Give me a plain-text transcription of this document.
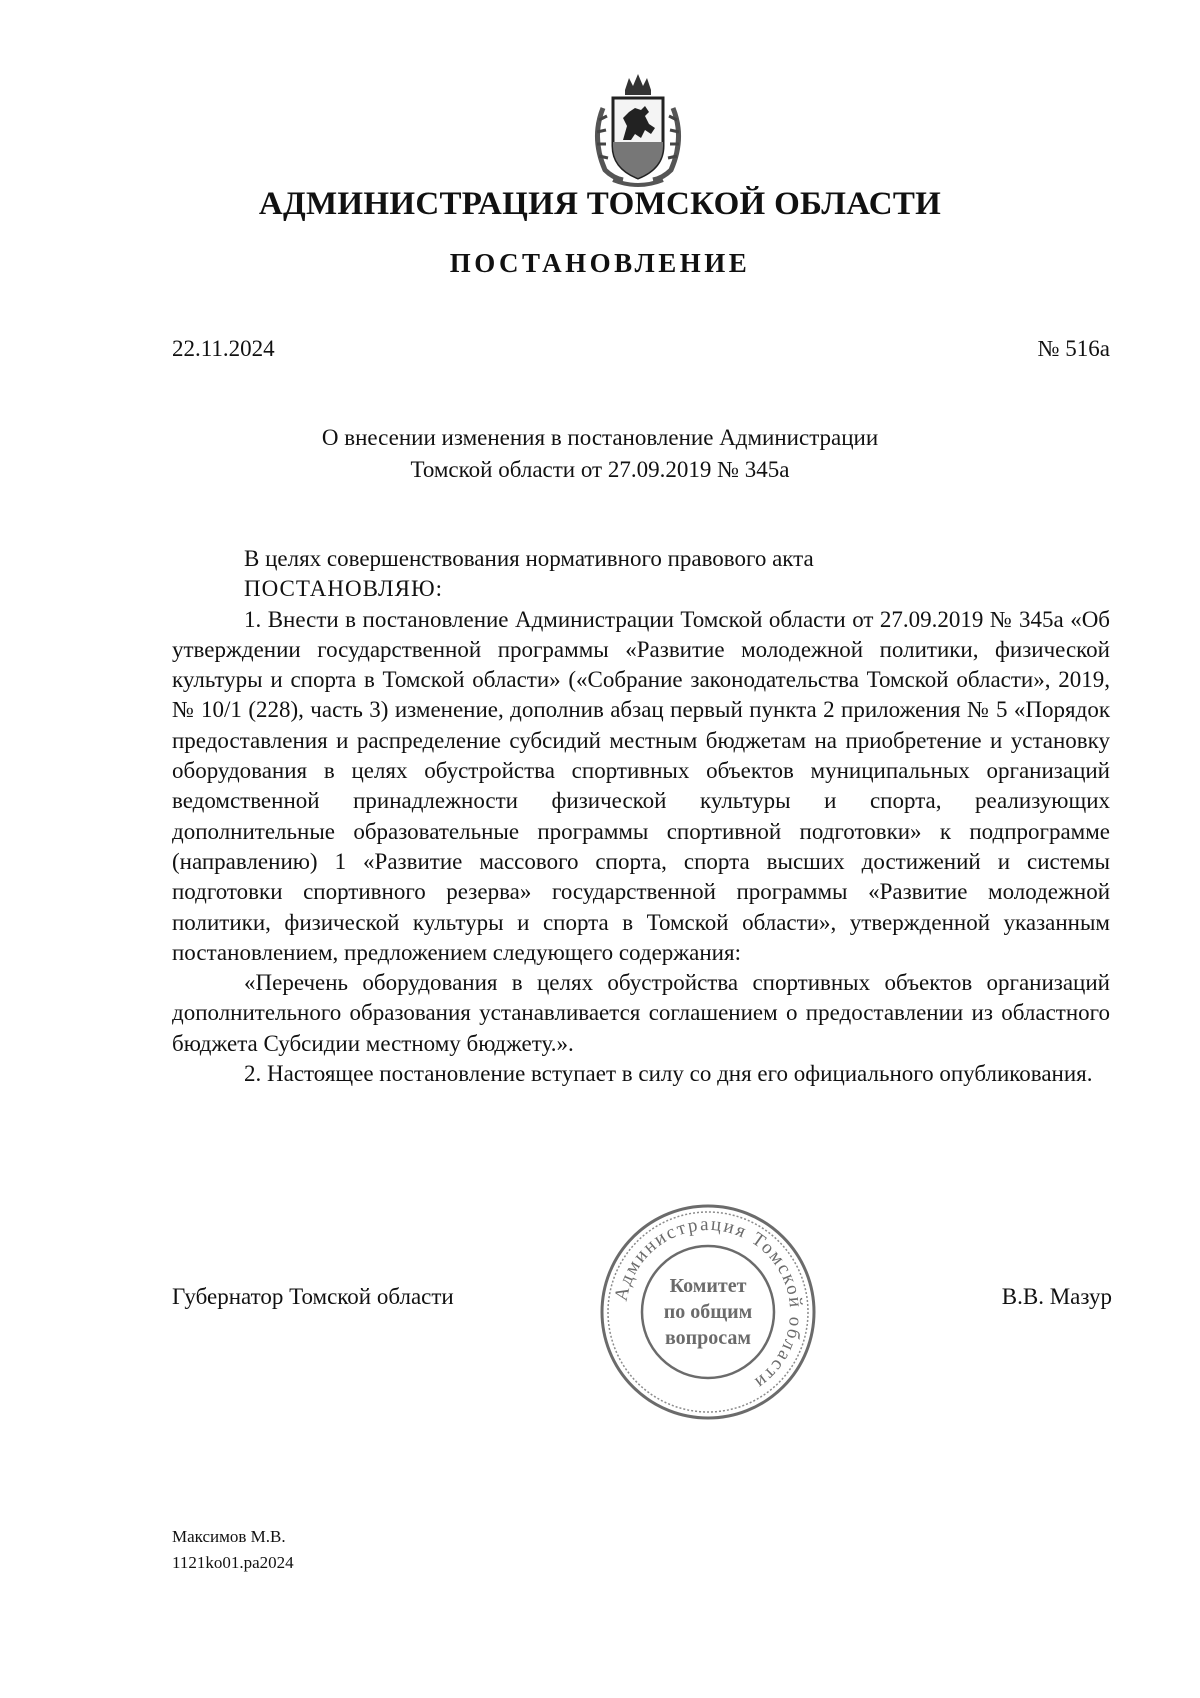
АДМИНИСТРАЦИЯ ТОМСКОЙ ОБЛАСТИ
ПОСТАНОВЛЕНИЕ
22.11.2024	№ 516а
О внесении изменения в постановление Администрации
Томской области от 27.09.2019 № 345а

В целях совершенствования нормативного правового акта

ПОСТАНОВЛЯЮ:

1. Внести в постановление Администрации Томской области от 27.09.2019 № 345а «Об утверждении государственной программы «Развитие молодежной политики, физической культуры и спорта в Томской области» («Собрание законодательства Томской области», 2019, № 10/1 (228), часть 3) изменение, дополнив абзац первый пункта 2 приложения № 5 «Порядок предоставления и распределение субсидий местным бюджетам на приобретение и установку оборудования в целях обустройства спортивных объектов муниципальных организаций ведомственной принадлежности физической культуры и спорта, реализующих дополнительные образовательные программы спортивной подготовки» к подпрограмме (направлению) 1 «Развитие массового спорта, спорта высших достижений и системы подготовки спортивного резерва» государственной программы «Развитие молодежной политики, физической культуры и спорта в Томской области», утвержденной указанным постановлением, предложением следующего содержания:

«Перечень оборудования в целях обустройства спортивных объектов организаций дополнительного образования устанавливается соглашением о предоставлении из областного бюджета Субсидии местному бюджету.».

2. Настоящее постановление вступает в силу со дня его официального опубликования.

Губернатор Томской области	В.В. Мазур
Администрация Томской области
Комитет
по общим
вопросам
Максимов М.В.
1121ko01.pa2024
